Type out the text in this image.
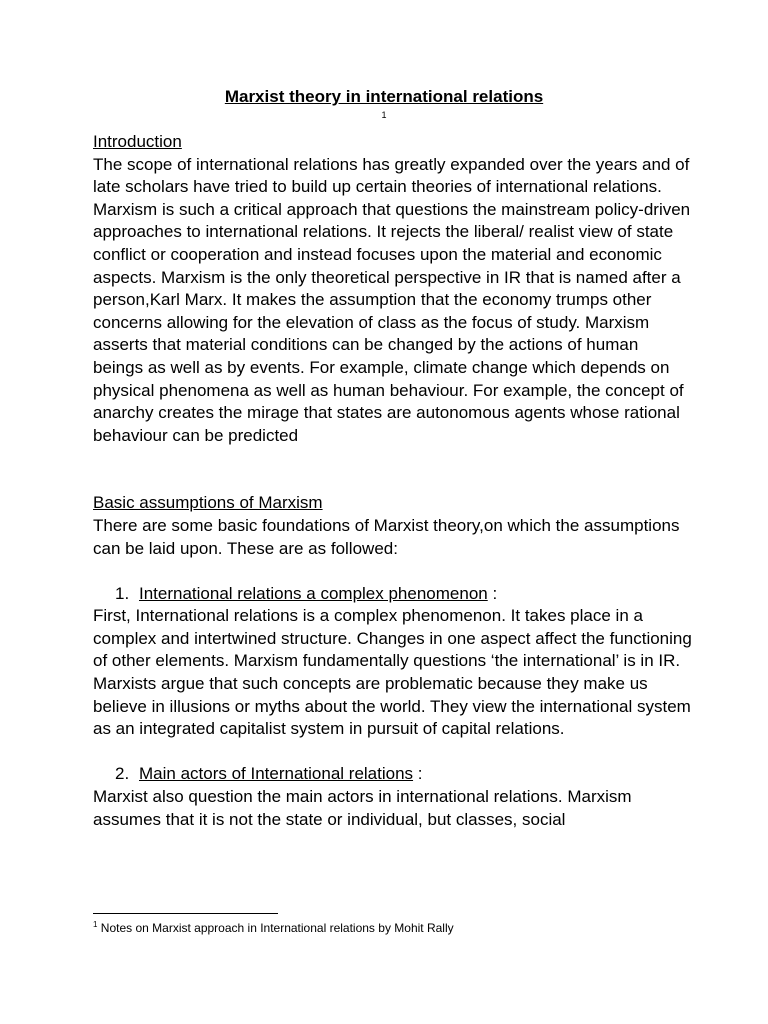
Marxist theory in international relations
1

Introduction

The scope of international relations has greatly expanded over the years and of late scholars have tried to build up certain theories of international relations.

Marxism is such a critical approach that questions the mainstream policy-driven approaches to international relations. It rejects the liberal/ realist view of state conflict or cooperation and instead focuses upon the material and economic aspects. Marxism is the only theoretical perspective in IR that is named after a person,Karl Marx. It makes the assumption that the economy trumps other concerns allowing for the elevation of class as the focus of study. Marxism asserts that material conditions can be changed by the actions of human beings as well as by events. For example, climate change which depends on physical phenomena as well as human behaviour. For example, the concept of anarchy creates the mirage that states are autonomous agents whose rational behaviour can be predicted

Basic assumptions of Marxism

There are some basic foundations of Marxist theory,on which the assumptions can be laid upon. These are as followed:

1. International relations a complex phenomenon :

First, International relations is a complex phenomenon. It takes place in a complex and intertwined structure. Changes in one aspect affect the functioning of other elements. Marxism fundamentally questions ‘the international’ is in IR. Marxists argue that such concepts are problematic because they make us believe in illusions or myths about the world. They view the international system as an integrated capitalist system in pursuit of capital relations.

2. Main actors of International relations :

Marxist also question the main actors in international relations. Marxism assumes that it is not the state or individual, but classes, social

$^1$ Notes on Marxist approach in International relations by Mohit Rally
